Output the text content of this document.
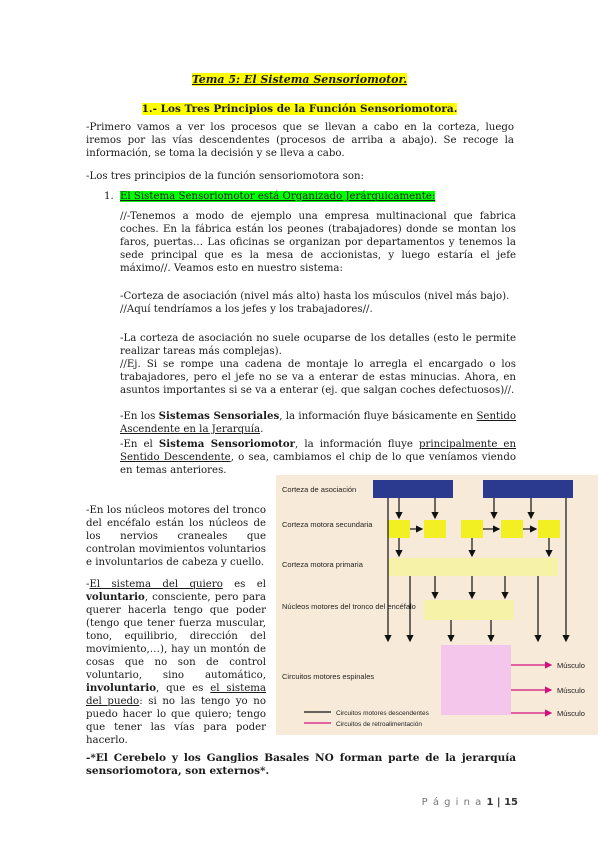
Tema 5: El Sistema Sensoriomotor.
1.- Los Tres Principios de la Función Sensoriomotora.
-Primero vamos a ver los procesos que se llevan a cabo en la corteza, luego iremos por las vías descendentes (procesos de arriba a abajo). Se recoge la información, se toma la decisión y se lleva a cabo.
-Los tres principios de la función sensoriomotora son:
1. El Sistema Sensoriomotor está Organizado Jerárquicamente:
//-Tenemos a modo de ejemplo una empresa multinacional que fabrica coches. En la fábrica están los peones (trabajadores) donde se montan los faros, puertas… Las oficinas se organizan por departamentos y tenemos la sede principal que es la mesa de accionistas, y luego estaría el jefe máximo//. Veamos esto en nuestro sistema:
-Corteza de asociación (nivel más alto) hasta los músculos (nivel más bajo).
//Aquí tendríamos a los jefes y los trabajadores//.
-La corteza de asociación no suele ocuparse de los detalles (esto le permite realizar tareas más complejas).
//Ej. Si se rompe una cadena de montaje lo arregla el encargado o los trabajadores, pero el jefe no se va a enterar de estas minucias. Ahora, en asuntos importantes si se va a enterar (ej. que salgan coches defectuosos)//.
-En los Sistemas Sensoriales, la información fluye básicamente en Sentido Ascendente en la Jerarquía.
-En el Sistema Sensoriomotor, la información fluye principalmente en Sentido Descendente, o sea, cambiamos el chip de lo que veníamos viendo en temas anteriores.
-En los núcleos motores del tronco del encéfalo están los núcleos de los nervios craneales que controlan movimientos voluntarios e involuntarios de cabeza y cuello.
-El sistema del quiero es el voluntario, consciente, pero para querer hacerla tengo que poder (tengo que tener fuerza muscular, tono, equilibrio, dirección del movimiento,…), hay un montón de cosas que no son de control voluntario, sino automático, involuntario, que es el sistema del puedo: si no las tengo yo no puedo hacer lo que quiero; tengo que tener las vías para poder hacerlo.
Corteza de asociación
Corteza motora secundaria
Corteza motora primaria
Núcleos motores del tronco del encéfalo
Circuitos motores espinales
Músculo
Músculo
Músculo
Circuitos motores descendentes
Circuitos de retroalimentación
-*El Cerebelo y los Ganglios Basales NO forman parte de la jerarquía sensoriomotora, son externos*.
P á g i n a 1 | 15
